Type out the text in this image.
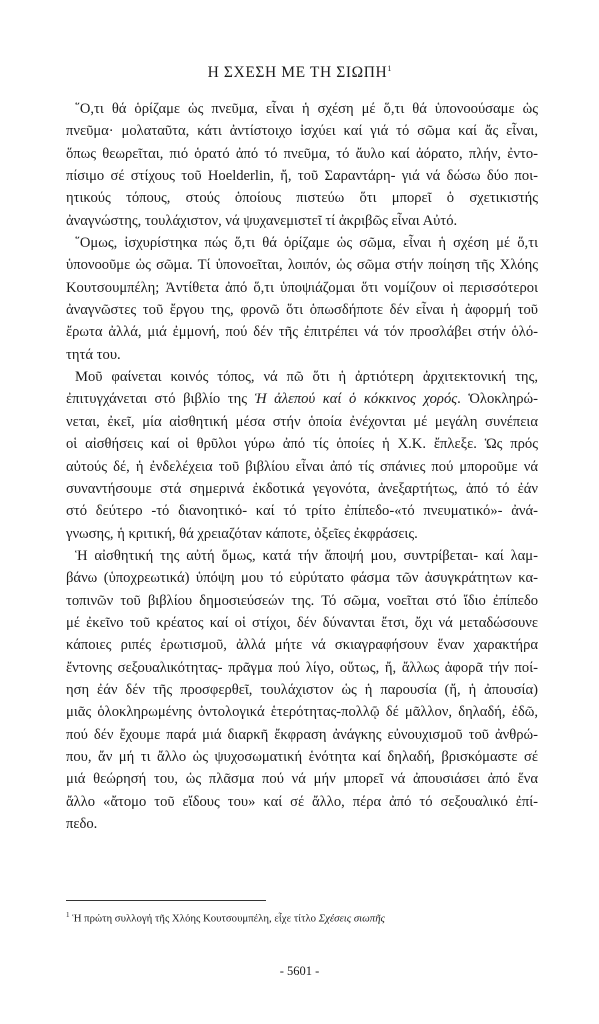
Η ΣΧΕΣΗ ΜΕ ΤΗ ΣΙΩΠΗ$^1$
῞Ο,τι θά ὁρίζαμε ὡς πνεῦμα, εἶναι ἡ σχέση μέ ὅ,τι θά ὑπονοούσαμε ὡς
πνεῦμα· μολαταῦτα, κάτι ἀντίστοιχο ἰσχύει καί γιά τό σῶμα καί ἄς εἶναι,
ὅπως θεωρεῖται, πιό ὁρατό ἀπό τό πνεῦμα, τό ἄυλο καί ἀόρατο, πλήν, ἐντο-
πίσιμο σέ στίχους τοῦ Hoelderlin, ἤ, τοῦ Σαραντάρη- γιά νά δώσω δύο ποι-
ητικούς τόπους, στούς ὁποίους πιστεύω ὅτι μπορεῖ ὁ σχετικιστής
ἀναγνώστης, τουλάχιστον, νά ψυχανεμιστεῖ τί ἀκριβῶς εἶναι Αὐτό.
῞Ομως, ἰσχυρίστηκα πώς ὅ,τι θά ὁρίζαμε ὡς σῶμα, εἶναι ἡ σχέση μέ ὅ,τι
ὑπονοοῦμε ὡς σῶμα. Τί ὑπονοεῖται, λοιπόν, ὡς σῶμα στήν ποίηση τῆς Χλόης
Κουτσουμπέλη; Ἀντίθετα ἀπό ὅ,τι ὑποψιάζομαι ὅτι νομίζουν οἱ περισσότεροι
ἀναγνῶστες τοῦ ἔργου της, φρονῶ ὅτι ὁπωσδήποτε δέν εἶναι ἡ ἀφορμή τοῦ
ἔρωτα ἀλλά, μιά ἐμμονή, πού δέν τῆς ἐπιτρέπει νά τόν προσλάβει στήν ὁλό-
τητά του.
Μοῦ φαίνεται κοινός τόπος, νά πῶ ὅτι ἡ ἀρτιότερη ἀρχιτεκτονική της,
ἐπιτυγχάνεται στό βιβλίο της Ἡ ἀλεπού καί ὁ κόκκινος χορός. Ὁλοκληρώ-
νεται, ἐκεῖ, μία αἰσθητική μέσα στήν ὁποία ἐνέχονται μέ μεγάλη συνέπεια
οἱ αἰσθήσεις καί οἱ θρῦλοι γύρω ἀπό τίς ὁποίες ἡ Χ.Κ. ἔπλεξε. Ὡς πρός
αὐτούς δέ, ἡ ἐνδελέχεια τοῦ βιβλίου εἶναι ἀπό τίς σπάνιες πού μποροῦμε νά
συναντήσουμε στά σημερινά ἐκδοτικά γεγονότα, ἀνεξαρτήτως, ἀπό τό ἐάν
στό δεύτερο -τό διανοητικό- καί τό τρίτο ἐπίπεδο-«τό πνευματικό»- ἀνά-
γνωσης, ἡ κριτική, θά χρειαζόταν κάποτε, ὀξεῖες ἐκφράσεις.
Ἡ αἰσθητική της αὐτή ὅμως, κατά τήν ἄποψή μου, συντρίβεται- καί λαμ-
βάνω (ὑποχρεωτικά) ὑπόψη μου τό εὐρύτατο φάσμα τῶν ἀσυγκράτητων κα-
τοπινῶν τοῦ βιβλίου δημοσιεύσεών της. Τό σῶμα, νοεῖται στό ἴδιο ἐπίπεδο
μέ ἐκεῖνο τοῦ κρέατος καί οἱ στίχοι, δέν δύνανται ἔτσι, ὄχι νά μεταδώσουνε
κάποιες ριπές ἐρωτισμοῦ, ἀλλά μήτε νά σκιαγραφήσουν ἕναν χαρακτήρα
ἔντονης σεξουαλικότητας- πρᾶγμα πού λίγο, οὕτως, ἤ, ἄλλως ἀφορᾶ τήν ποί-
ηση ἐάν δέν τῆς προσφερθεῖ, τουλάχιστον ὡς ἡ παρουσία (ἤ, ἡ ἀπουσία)
μιᾶς ὁλοκληρωμένης ὀντολογικά ἑτερότητας-πολλῷ δέ μᾶλλον, δηλαδή, ἐδῶ,
πού δέν ἔχουμε παρά μιά διαρκῆ ἔκφραση ἀνάγκης εὐνουχισμοῦ τοῦ ἀνθρώ-
που, ἄν μή τι ἄλλο ὡς ψυχοσωματική ἑνότητα καί δηλαδή, βρισκόμαστε σέ
μιά θεώρησή του, ὡς πλᾶσμα πού νά μήν μπορεῖ νά ἀπουσιάσει ἀπό ἕνα
ἄλλο «ἄτομο τοῦ εἴδους του» καί σέ ἄλλο, πέρα ἀπό τό σεξουαλικό ἐπί-
πεδο.
$^1$ Ἡ πρώτη συλλογή τῆς Χλόης Κουτσουμπέλη, εἶχε τίτλο Σχέσεις σιωπῆς
- 5601 -
